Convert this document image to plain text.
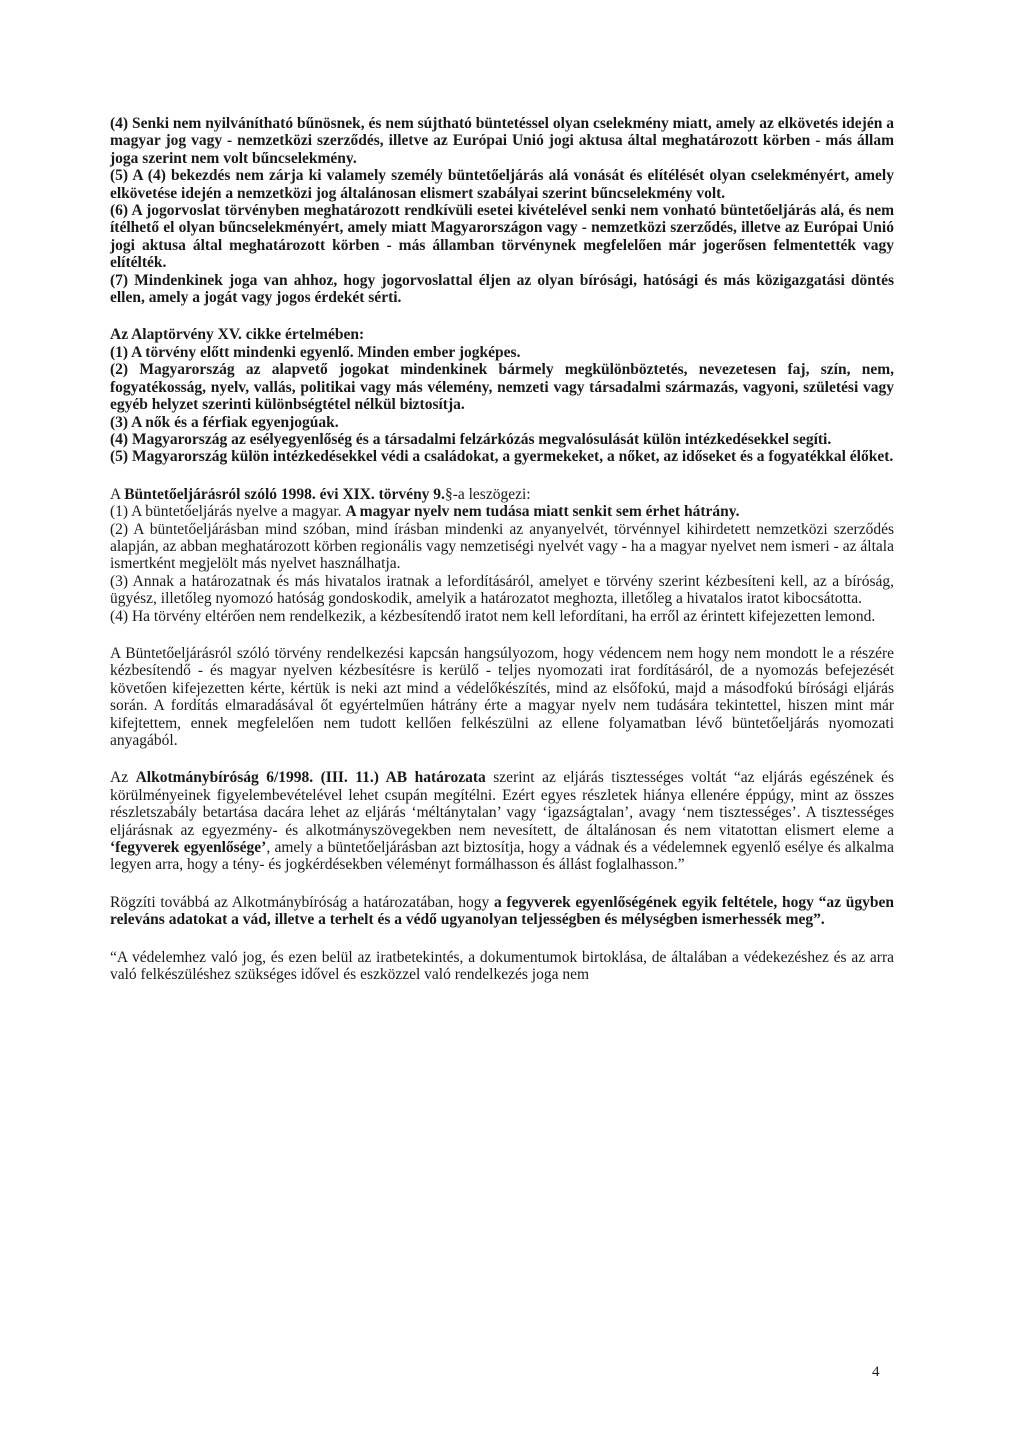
(4) Senki nem nyilvánítható bűnösnek, és nem sújtható büntetéssel olyan cselekmény miatt, amely az elkövetés idején a magyar jog vagy - nemzetközi szerződés, illetve az Európai Unió jogi aktusa által meghatározott körben - más állam joga szerint nem volt bűncselekmény.

(5) A (4) bekezdés nem zárja ki valamely személy büntetőeljárás alá vonását és elítélését olyan cselekményért, amely elkövetése idején a nemzetközi jog általánosan elismert szabályai szerint bűncselekmény volt.

(6) A jogorvoslat törvényben meghatározott rendkívüli esetei kivételével senki nem vonható büntetőeljárás alá, és nem ítélhető el olyan bűncselekményért, amely miatt Magyarországon vagy - nemzetközi szerződés, illetve az Európai Unió jogi aktusa által meghatározott körben - más államban törvénynek megfelelően már jogerősen felmentették vagy elítélték.

(7) Mindenkinek joga van ahhoz, hogy jogorvoslattal éljen az olyan bírósági, hatósági és más közigazgatási döntés ellen, amely a jogát vagy jogos érdekét sérti.

Az Alaptörvény XV. cikke értelmében:

(1) A törvény előtt mindenki egyenlő. Minden ember jogképes.

(2) Magyarország az alapvető jogokat mindenkinek bármely megkülönböztetés, nevezetesen faj, szín, nem, fogyatékosság, nyelv, vallás, politikai vagy más vélemény, nemzeti vagy társadalmi származás, vagyoni, születési vagy egyéb helyzet szerinti különbségtétel nélkül biztosítja.

(3) A nők és a férfiak egyenjogúak.

(4) Magyarország az esélyegyenlőség és a társadalmi felzárkózás megvalósulását külön intézkedésekkel segíti.

(5) Magyarország külön intézkedésekkel védi a családokat, a gyermekeket, a nőket, az időseket és a fogyatékkal élőket.

A Büntetőeljárásról szóló 1998. évi XIX. törvény 9.§-a leszögezi:

(1) A büntetőeljárás nyelve a magyar. A magyar nyelv nem tudása miatt senkit sem érhet hátrány.

(2) A büntetőeljárásban mind szóban, mind írásban mindenki az anyanyelvét, törvénnyel kihirdetett nemzetközi szerződés alapján, az abban meghatározott körben regionális vagy nemzetiségi nyelvét vagy - ha a magyar nyelvet nem ismeri - az általa ismertként megjelölt más nyelvet használhatja.

(3) Annak a határozatnak és más hivatalos iratnak a lefordításáról, amelyet e törvény szerint kézbesíteni kell, az a bíróság, ügyész, illetőleg nyomozó hatóság gondoskodik, amelyik a határozatot meghozta, illetőleg a hivatalos iratot kibocsátotta.

(4) Ha törvény eltérően nem rendelkezik, a kézbesítendő iratot nem kell lefordítani, ha erről az érintett kifejezetten lemond.

A Büntetőeljárásról szóló törvény rendelkezési kapcsán hangsúlyozom, hogy védencem nem hogy nem mondott le a részére kézbesítendő - és magyar nyelven kézbesítésre is kerülő - teljes nyomozati irat fordításáról, de a nyomozás befejezését követően kifejezetten kérte, kértük is neki azt mind a védelőkészítés, mind az elsőfokú, majd a másodfokú bírósági eljárás során. A fordítás elmaradásával őt egyértelműen hátrány érte a magyar nyelv nem tudására tekintettel, hiszen mint már kifejtettem, ennek megfelelően nem tudott kellően felkészülni az ellene folyamatban lévő büntetőeljárás nyomozati anyagából.

Az Alkotmánybíróság 6/1998. (III. 11.) AB határozata szerint az eljárás tisztességes voltát “az eljárás egészének és körülményeinek figyelembevételével lehet csupán megítélni. Ezért egyes részletek hiánya ellenére éppúgy, mint az összes részletszabály betartása dacára lehet az eljárás ‘méltánytalan’ vagy ‘igazságtalan’, avagy ‘nem tisztességes’. A tisztességes eljárásnak az egyezmény- és alkotmányszövegekben nem nevesített, de általánosan és nem vitatottan elismert eleme a ‘fegyverek egyenlősége’, amely a büntetőeljárásban azt biztosítja, hogy a vádnak és a védelemnek egyenlő esélye és alkalma legyen arra, hogy a tény- és jogkérdésekben véleményt formálhasson és állást foglalhasson.”

Rögzíti továbbá az Alkotmánybíróság a határozatában, hogy a fegyverek egyenlőségének egyik feltétele, hogy “az ügyben releváns adatokat a vád, illetve a terhelt és a védő ugyanolyan teljességben és mélységben ismerhessék meg”.

“A védelemhez való jog, és ezen belül az iratbetekintés, a dokumentumok birtoklása, de általában a védekezéshez és az arra való felkészüléshez szükséges idővel és eszközzel való rendelkezés joga nem

4
